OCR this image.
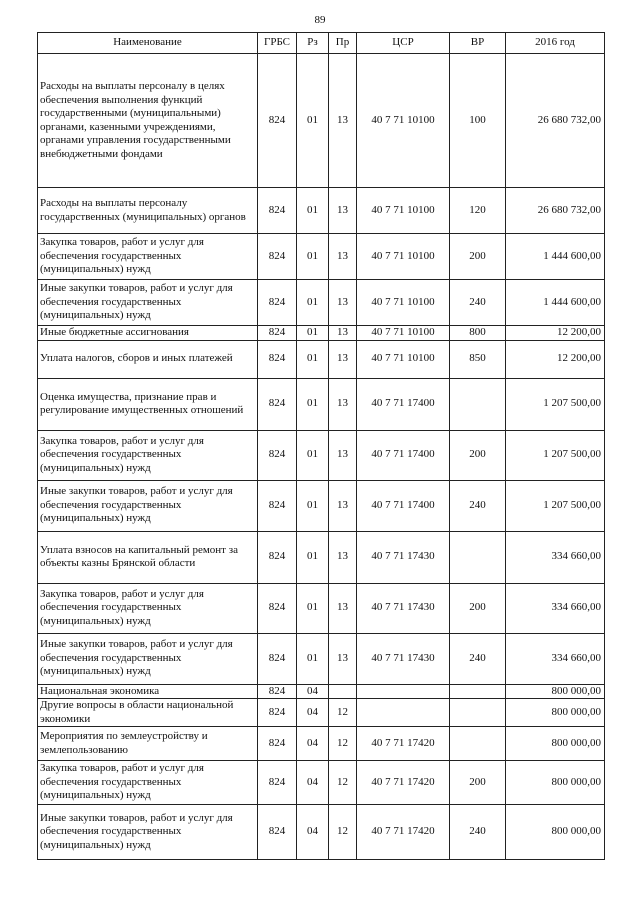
89
Наименование	ГРБС	Рз	Пр	ЦСР	ВР	2016 год
Расходы на выплаты персоналу в целях обеспечения выполнения функций государственными (муниципальными) органами, казенными учреждениями, органами управления государственными внебюджетными фондами	824	01	13	40 7 71 10100	100	26 680 732,00
Расходы на выплаты персоналу государственных (муниципальных) органов	824	01	13	40 7 71 10100	120	26 680 732,00
Закупка товаров, работ и услуг для обеспечения государственных (муниципальных) нужд	824	01	13	40 7 71 10100	200	1 444 600,00
Иные закупки товаров, работ и услуг для обеспечения государственных (муниципальных) нужд	824	01	13	40 7 71 10100	240	1 444 600,00
Иные бюджетные ассигнования	824	01	13	40 7 71 10100	800	12 200,00
Уплата налогов, сборов и иных платежей	824	01	13	40 7 71 10100	850	12 200,00
Оценка имущества, признание прав и регулирование имущественных отношений	824	01	13	40 7 71 17400		1 207 500,00
Закупка товаров, работ и услуг для обеспечения государственных (муниципальных) нужд	824	01	13	40 7 71 17400	200	1 207 500,00
Иные закупки товаров, работ и услуг для обеспечения государственных (муниципальных) нужд	824	01	13	40 7 71 17400	240	1 207 500,00
Уплата взносов на капитальный ремонт за объекты казны Брянской области	824	01	13	40 7 71 17430		334 660,00
Закупка товаров, работ и услуг для обеспечения государственных (муниципальных) нужд	824	01	13	40 7 71 17430	200	334 660,00
Иные закупки товаров, работ и услуг для обеспечения государственных (муниципальных) нужд	824	01	13	40 7 71 17430	240	334 660,00
Национальная экономика	824	04				800 000,00
Другие вопросы в области национальной экономики	824	04	12			800 000,00
Мероприятия по землеустройству и землепользованию	824	04	12	40 7 71 17420		800 000,00
Закупка товаров, работ и услуг для обеспечения государственных (муниципальных) нужд	824	04	12	40 7 71 17420	200	800 000,00
Иные закупки товаров, работ и услуг для обеспечения государственных (муниципальных) нужд	824	04	12	40 7 71 17420	240	800 000,00
